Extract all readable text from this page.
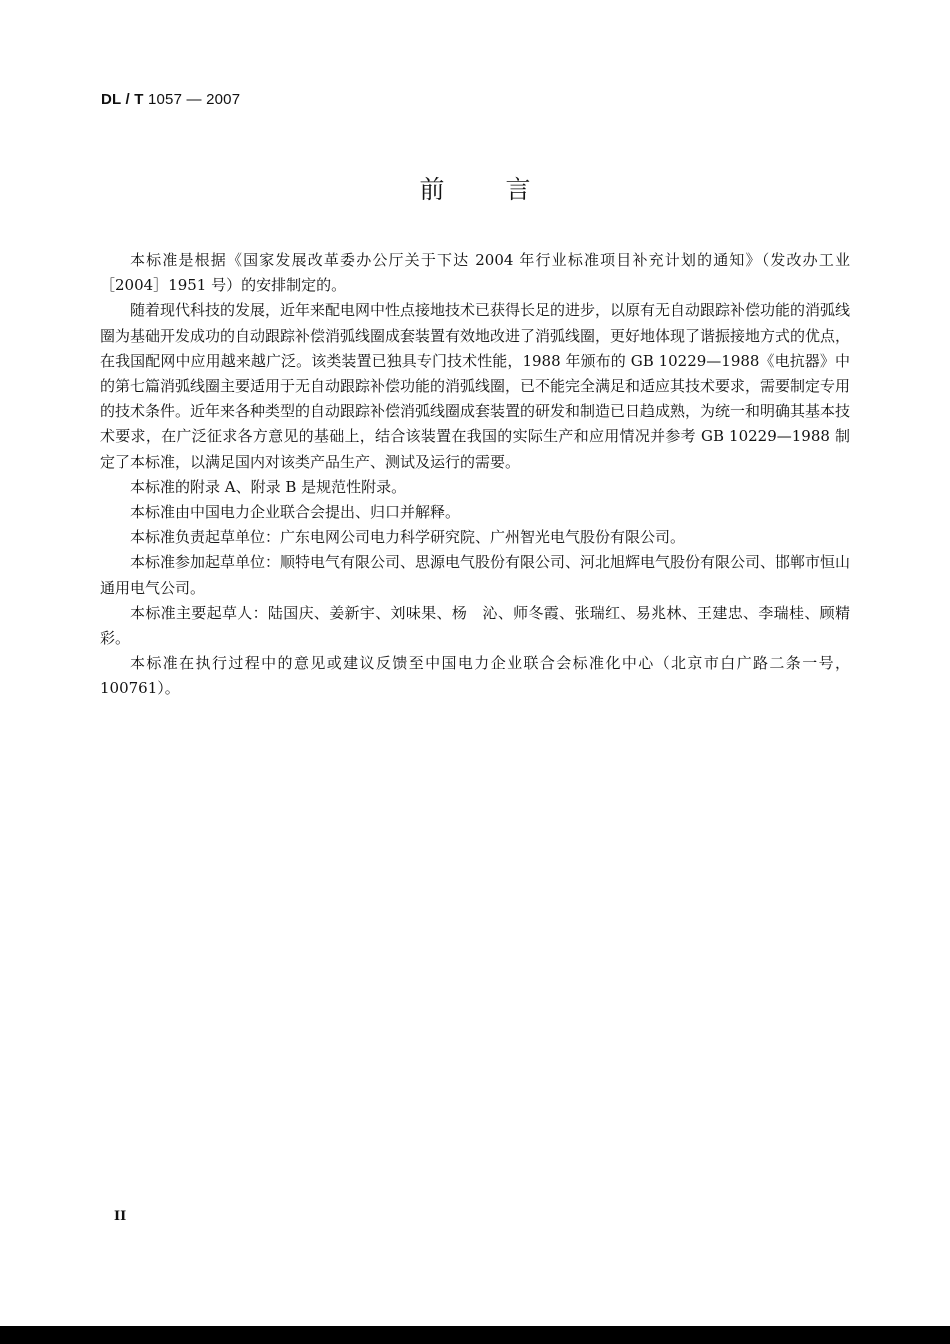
DL / T 1057 — 2007
前 言

本标准是根据《国家发展改革委办公厅关于下达 2004 年行业标准项目补充计划的通知》（发改办工业［2004］1951 号）的安排制定的。

随着现代科技的发展，近年来配电网中性点接地技术已获得长足的进步，以原有无自动跟踪补偿功能的消弧线圈为基础开发成功的自动跟踪补偿消弧线圈成套装置有效地改进了消弧线圈，更好地体现了谐振接地方式的优点，在我国配网中应用越来越广泛。该类装置已独具专门技术性能，1988 年颁布的 GB 10229—1988《电抗器》中的第七篇消弧线圈主要适用于无自动跟踪补偿功能的消弧线圈，已不能完全满足和适应其技术要求，需要制定专用的技术条件。近年来各种类型的自动跟踪补偿消弧线圈成套装置的研发和制造已日趋成熟，为统一和明确其基本技术要求，在广泛征求各方意见的基础上，结合该装置在我国的实际生产和应用情况并参考 GB 10229—1988 制定了本标准，以满足国内对该类产品生产、测试及运行的需要。

本标准的附录 A、附录 B 是规范性附录。

本标准由中国电力企业联合会提出、归口并解释。

本标准负责起草单位：广东电网公司电力科学研究院、广州智光电气股份有限公司。

本标准参加起草单位：顺特电气有限公司、思源电气股份有限公司、河北旭辉电气股份有限公司、邯郸市恒山通用电气公司。

本标准主要起草人：陆国庆、姜新宇、刘味果、杨　沁、师冬霞、张瑞红、易兆林、王建忠、李瑞桂、顾精彩。

本标准在执行过程中的意见或建议反馈至中国电力企业联合会标准化中心（北京市白广路二条一号，100761）。

II
